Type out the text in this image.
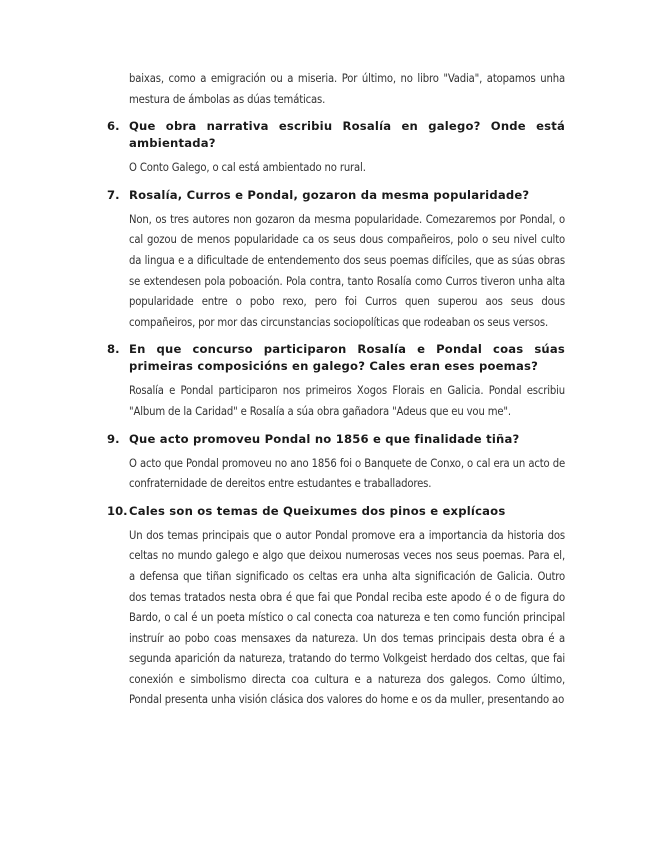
baixas, como a emigración ou a miseria. Por último, no libro "Vadia", atopamos unha mestura de ámbolas as dúas temáticas.

6. Que obra narrativa escribiu Rosalía en galego? Onde está ambientada?

O Conto Galego, o cal está ambientado no rural.

7. Rosalía, Curros e Pondal, gozaron da mesma popularidade?

Non, os tres autores non gozaron da mesma popularidade. Comezaremos por Pondal, o cal gozou de menos popularidade ca os seus dous compañeiros, polo o seu nivel culto da lingua e a dificultade de entendemento dos seus poemas difíciles, que as súas obras se extendesen pola poboación. Pola contra, tanto Rosalía como Curros tiveron unha alta popularidade entre o pobo rexo, pero foi Curros quen superou aos seus dous compañeiros, por mor das circunstancias sociopolíticas que rodeaban os seus versos.

8. En que concurso participaron Rosalía e Pondal coas súas primeiras composicións en galego? Cales eran eses poemas?

Rosalía e Pondal participaron nos primeiros Xogos Florais en Galicia. Pondal escribiu "Album de la Caridad" e Rosalía a súa obra gañadora "Adeus que eu vou me".

9. Que acto promoveu Pondal no 1856 e que finalidade tiña?

O acto que Pondal promoveu no ano 1856 foi o Banquete de Conxo, o cal era un acto de confraternidade de dereitos entre estudantes e traballadores.

10. Cales son os temas de Queixumes dos pinos e explícaos

Un dos temas principais que o autor Pondal promove era a importancia da historia dos celtas no mundo galego e algo que deixou numerosas veces nos seus poemas. Para el, a defensa que tiñan significado os celtas era unha alta significación de Galicia. Outro dos temas tratados nesta obra é que fai que Pondal reciba este apodo é o de figura do Bardo, o cal é un poeta místico o cal conecta coa natureza e ten como función principal instruír ao pobo coas mensaxes da natureza. Un dos temas principais desta obra é a segunda aparición da natureza, tratando do termo Volkgeist herdado dos celtas, que fai conexión e simbolismo directa coa cultura e a natureza dos galegos. Como último, Pondal presenta unha visión clásica dos valores do home e os da muller, presentando ao
